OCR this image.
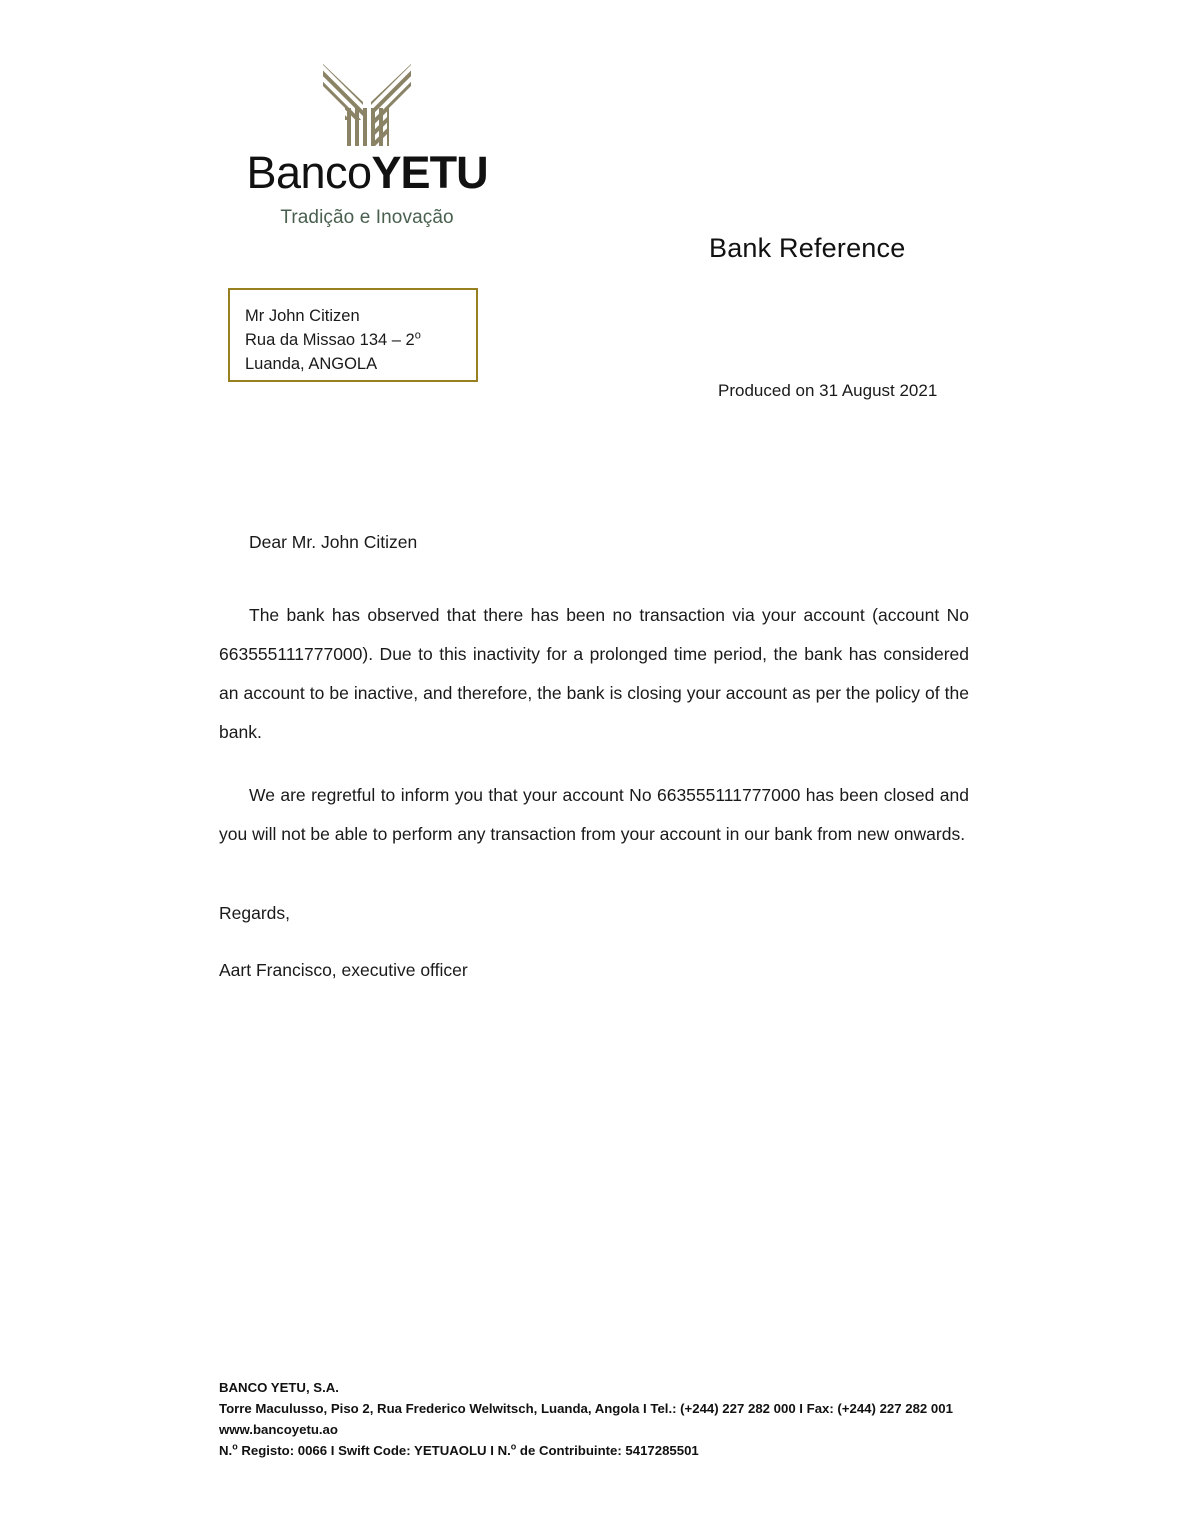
BancoYETU
Tradição e Inovação
Mr John Citizen
Rua da Missao 134 – 2$^o$
Luanda, ANGOLA
Bank Reference
Produced on 31 August 2021
Dear Mr. John Citizen

The bank has observed that there has been no transaction via your account (account No 663555111777000). Due to this inactivity for a prolonged time period, the bank has considered an account to be inactive, and therefore, the bank is closing your account as per the policy of the bank.

We are regretful to inform you that your account No 663555111777000 has been closed and you will not be able to perform any transaction from your account in our bank from new onwards.

Regards,

Aart Francisco, executive officer

BANCO YETU, S.A.
Torre Maculusso, Piso 2, Rua Frederico Welwitsch, Luanda, Angola I Tel.: (+244) 227 282 000 I Fax: (+244) 227 282 001 www.bancoyetu.ao
N.$^o$ Registo: 0066 I Swift Code: YETUAOLU I N.$^o$ de Contribuinte: 5417285501
